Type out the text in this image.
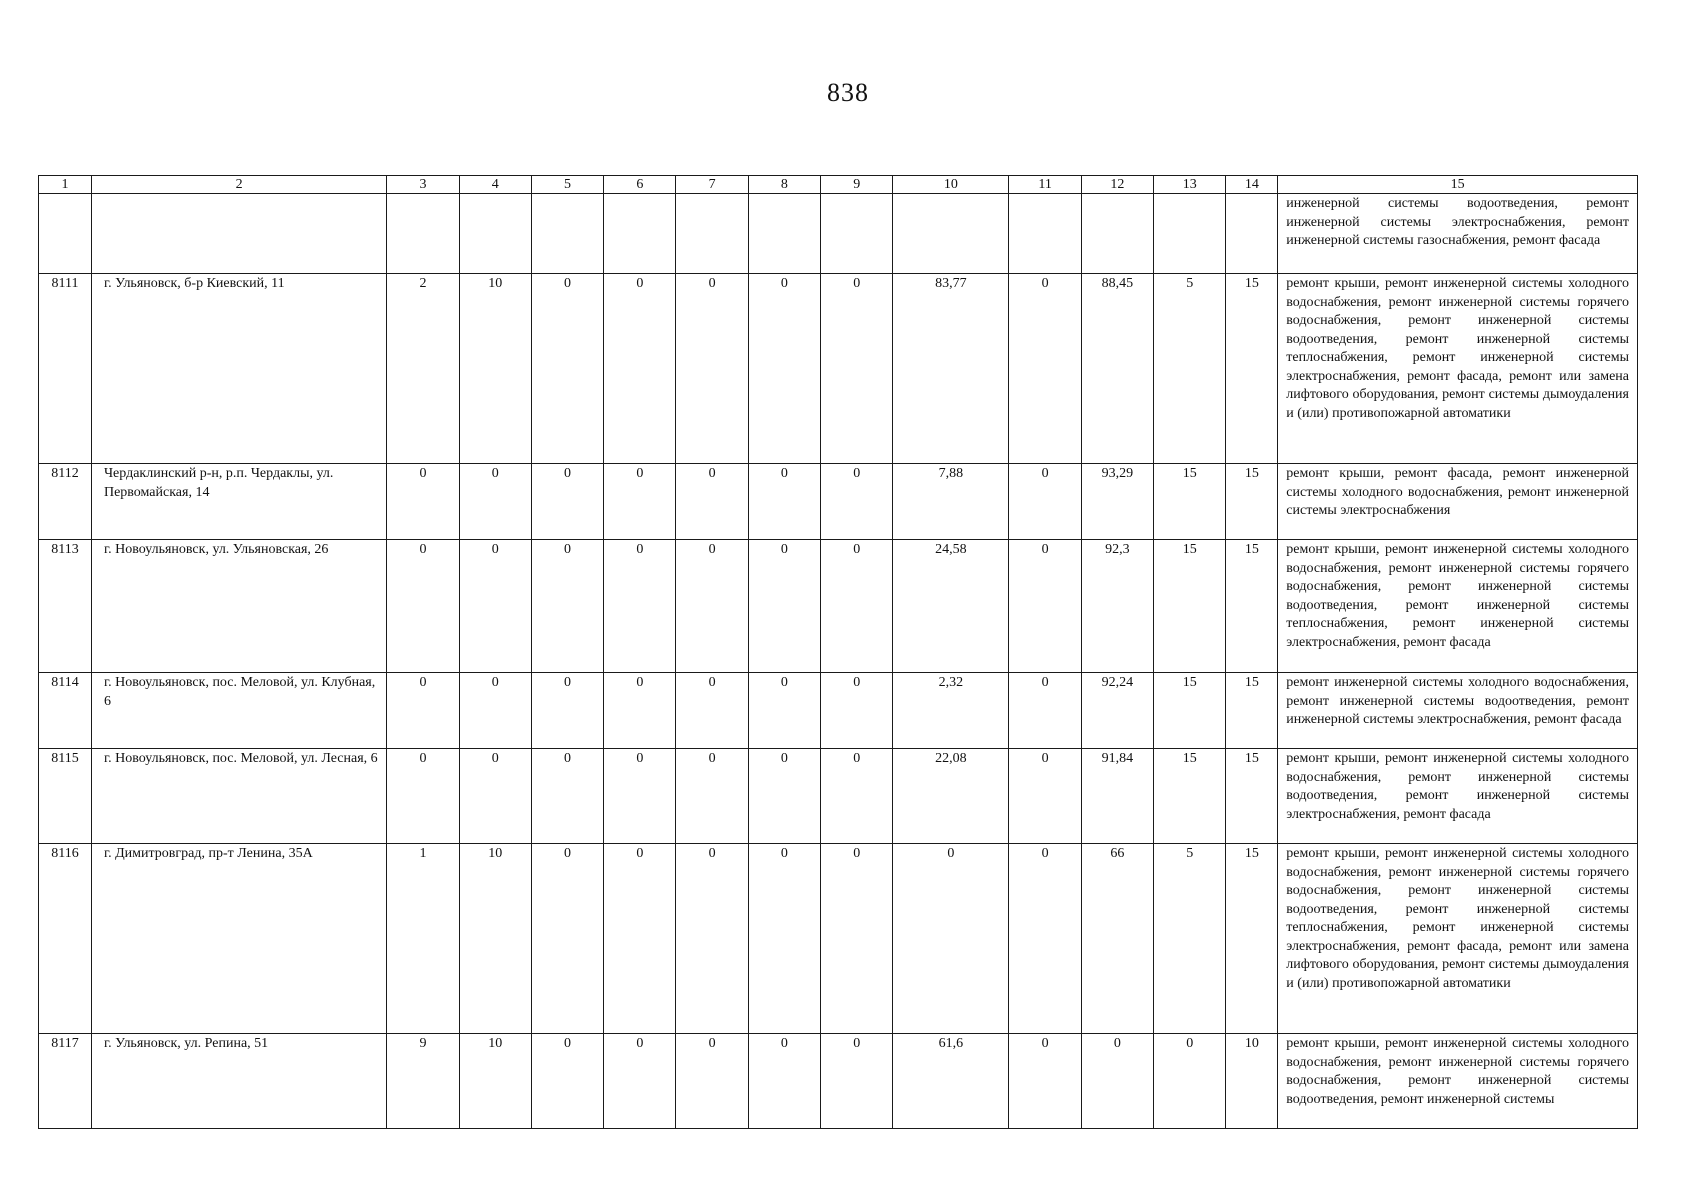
838
1	2	3	4	5	6	7	8	9	10	11	12	13	14	15
														инженерной системы водоотведения, ремонт инженерной системы электроснабжения, ремонт инженерной системы газоснабжения, ремонт фасада
8111	г. Ульяновск, б-р Киевский, 11	2	10	0	0	0	0	0	83,77	0	88,45	5	15	ремонт крыши, ремонт инженерной системы холодного водоснабжения, ремонт инженерной системы горячего водоснабжения, ремонт инженерной системы водоотведения, ремонт инженерной системы теплоснабжения, ремонт инженерной системы электроснабжения, ремонт фасада, ремонт или замена лифтового оборудования, ремонт системы дымоудаления и (или) противопожарной автоматики
8112	Чердаклинский р-н, р.п. Чердаклы, ул. Первомайская, 14	0	0	0	0	0	0	0	7,88	0	93,29	15	15	ремонт крыши, ремонт фасада, ремонт инженерной системы холодного водоснабжения, ремонт инженерной системы электроснабжения
8113	г. Новоульяновск, ул. Ульяновская, 26	0	0	0	0	0	0	0	24,58	0	92,3	15	15	ремонт крыши, ремонт инженерной системы холодного водоснабжения, ремонт инженерной системы горячего водоснабжения, ремонт инженерной системы водоотведения, ремонт инженерной системы теплоснабжения, ремонт инженерной системы электроснабжения, ремонт фасада
8114	г. Новоульяновск, пос. Меловой, ул. Клубная, 6	0	0	0	0	0	0	0	2,32	0	92,24	15	15	ремонт инженерной системы холодного водоснабжения, ремонт инженерной системы водоотведения, ремонт инженерной системы электроснабжения, ремонт фасада
8115	г. Новоульяновск, пос. Меловой, ул. Лесная, 6	0	0	0	0	0	0	0	22,08	0	91,84	15	15	ремонт крыши, ремонт инженерной системы холодного водоснабжения, ремонт инженерной системы водоотведения, ремонт инженерной системы электроснабжения, ремонт фасада
8116	г. Димитровград, пр-т Ленина, 35А	1	10	0	0	0	0	0	0	0	66	5	15	ремонт крыши, ремонт инженерной системы холодного водоснабжения, ремонт инженерной системы горячего водоснабжения, ремонт инженерной системы водоотведения, ремонт инженерной системы теплоснабжения, ремонт инженерной системы электроснабжения, ремонт фасада, ремонт или замена лифтового оборудования, ремонт системы дымоудаления и (или) противопожарной автоматики
8117	г. Ульяновск, ул. Репина, 51	9	10	0	0	0	0	0	61,6	0	0	0	10	ремонт крыши, ремонт инженерной системы холодного водоснабжения, ремонт инженерной системы горячего водоснабжения, ремонт инженерной системы водоотведения, ремонт инженерной системы
